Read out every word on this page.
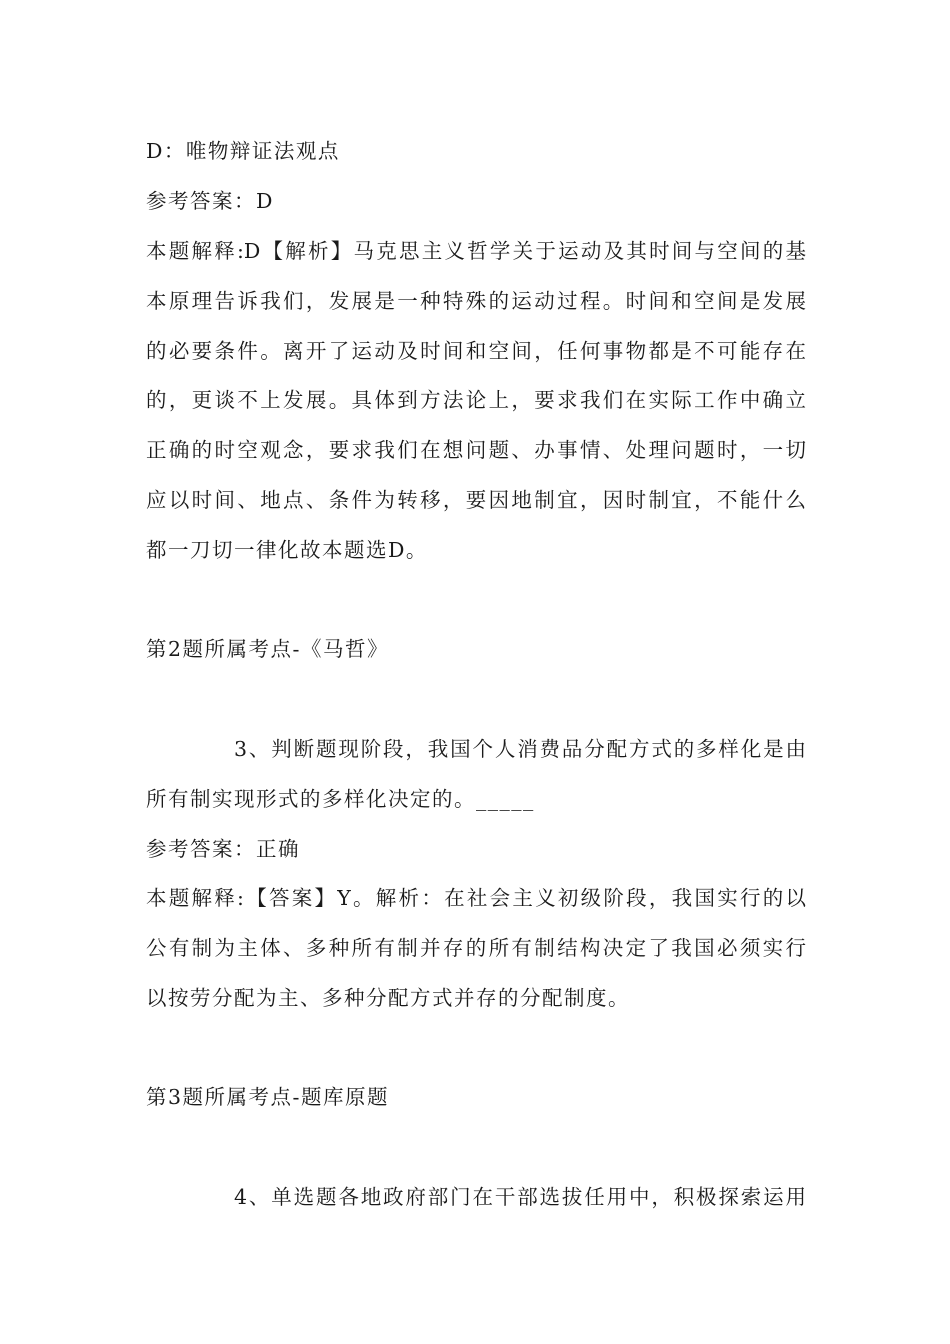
D：唯物辩证法观点

参考答案：D

本题解释:D【解析】马克思主义哲学关于运动及其时间与空间的基

本原理告诉我们，发展是一种特殊的运动过程。时间和空间是发展

的必要条件。离开了运动及时间和空间，任何事物都是不可能存在

的，更谈不上发展。具体到方法论上，要求我们在实际工作中确立

正确的时空观念，要求我们在想问题、办事情、处理问题时，一切

应以时间、地点、条件为转移，要因地制宜，因时制宜，不能什么

都一刀切一律化故本题选D。

第2题所属考点-《马哲》

3、判断题现阶段，我国个人消费品分配方式的多样化是由

所有制实现形式的多样化决定的。_____

参考答案：正确

本题解释:【答案】Y。解析：在社会主义初级阶段，我国实行的以

公有制为主体、多种所有制并存的所有制结构决定了我国必须实行

以按劳分配为主、多种分配方式并存的分配制度。

第3题所属考点-题库原题

4、单选题各地政府部门在干部选拔任用中，积极探索运用
